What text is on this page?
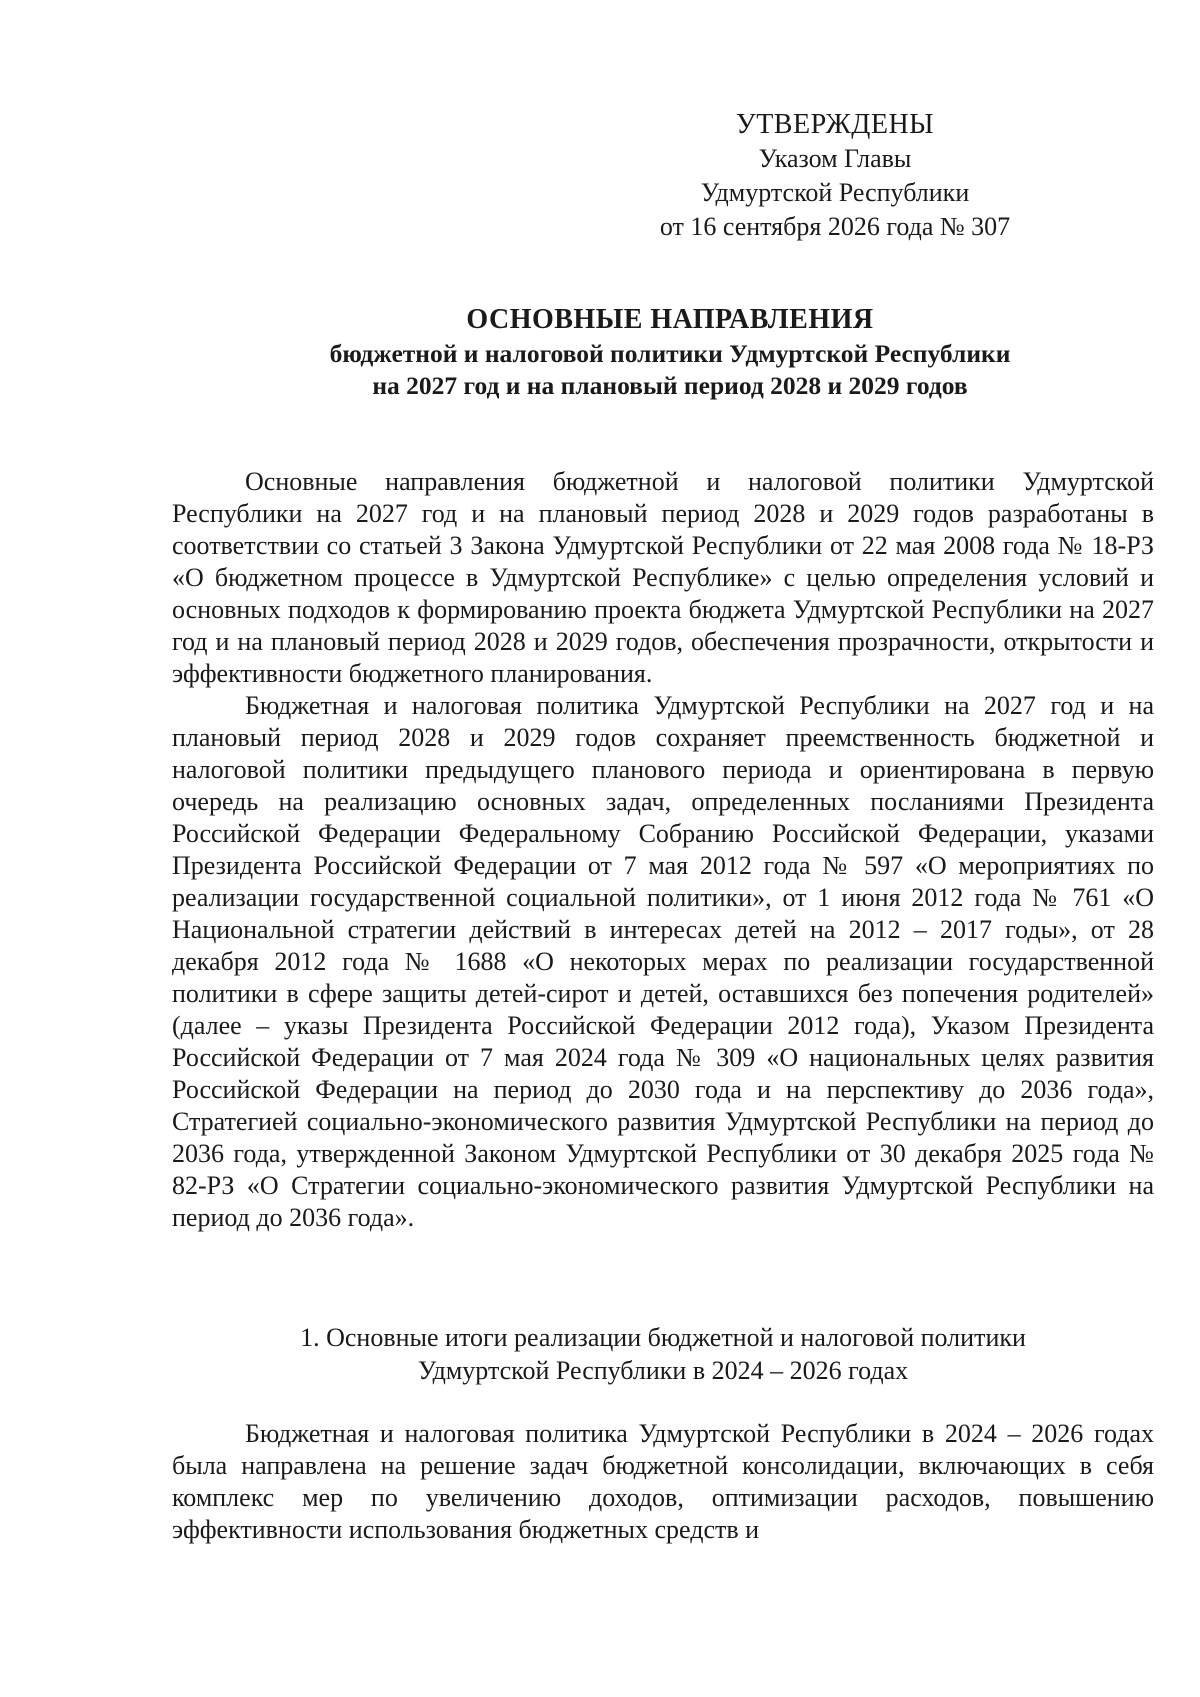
УТВЕРЖДЕНЫ
Указом Главы
Удмуртской Республики
от 16 сентября 2026 года № 307
ОСНОВНЫЕ НАПРАВЛЕНИЯ
бюджетной и налоговой политики Удмуртской Республики
на 2027 год и на плановый период 2028 и 2029 годов

Основные направления бюджетной и налоговой политики Удмуртской Республики на 2027 год и на плановый период 2028 и 2029 годов разработаны в соответствии со статьей 3 Закона Удмуртской Республики от 22 мая 2008 года № 18-РЗ «О бюджетном процессе в Удмуртской Республике» с целью определения условий и основных подходов к формированию проекта бюджета Удмуртской Республики на 2027 год и на плановый период 2028 и 2029 годов, обеспечения прозрачности, открытости и эффективности бюджетного планирования.

Бюджетная и налоговая политика Удмуртской Республики на 2027 год и на плановый период 2028 и 2029 годов сохраняет преемственность бюджетной и налоговой политики предыдущего планового периода и ориентирована в первую очередь на реализацию основных задач, определенных посланиями Президента Российской Федерации Федеральному Собранию Российской Федерации, указами Президента Российской Федерации от 7 мая 2012 года № 597 «О мероприятиях по реализации государственной социальной политики», от 1 июня 2012 года № 761 «О Национальной стратегии действий в интересах детей на 2012 – 2017 годы», от 28 декабря 2012 года № 1688 «О некоторых мерах по реализации государственной политики в сфере защиты детей-сирот и детей, оставшихся без попечения родителей» (далее – указы Президента Российской Федерации 2012 года), Указом Президента Российской Федерации от 7 мая 2024 года № 309 «О национальных целях развития Российской Федерации на период до 2030 года и на перспективу до 2036 года», Стратегией социально-экономического развития Удмуртской Республики на период до 2036 года, утвержденной Законом Удмуртской Республики от 30 декабря 2025 года № 82-РЗ «О Стратегии социально-экономического развития Удмуртской Республики на период до 2036 года».

1. Основные итоги реализации бюджетной и налоговой политики
Удмуртской Республики в 2024 – 2026 годах

Бюджетная и налоговая политика Удмуртской Республики в 2024 – 2026 годах была направлена на решение задач бюджетной консолидации, включающих в себя комплекс мер по увеличению доходов, оптимизации расходов, повышению эффективности использования бюджетных средств и
